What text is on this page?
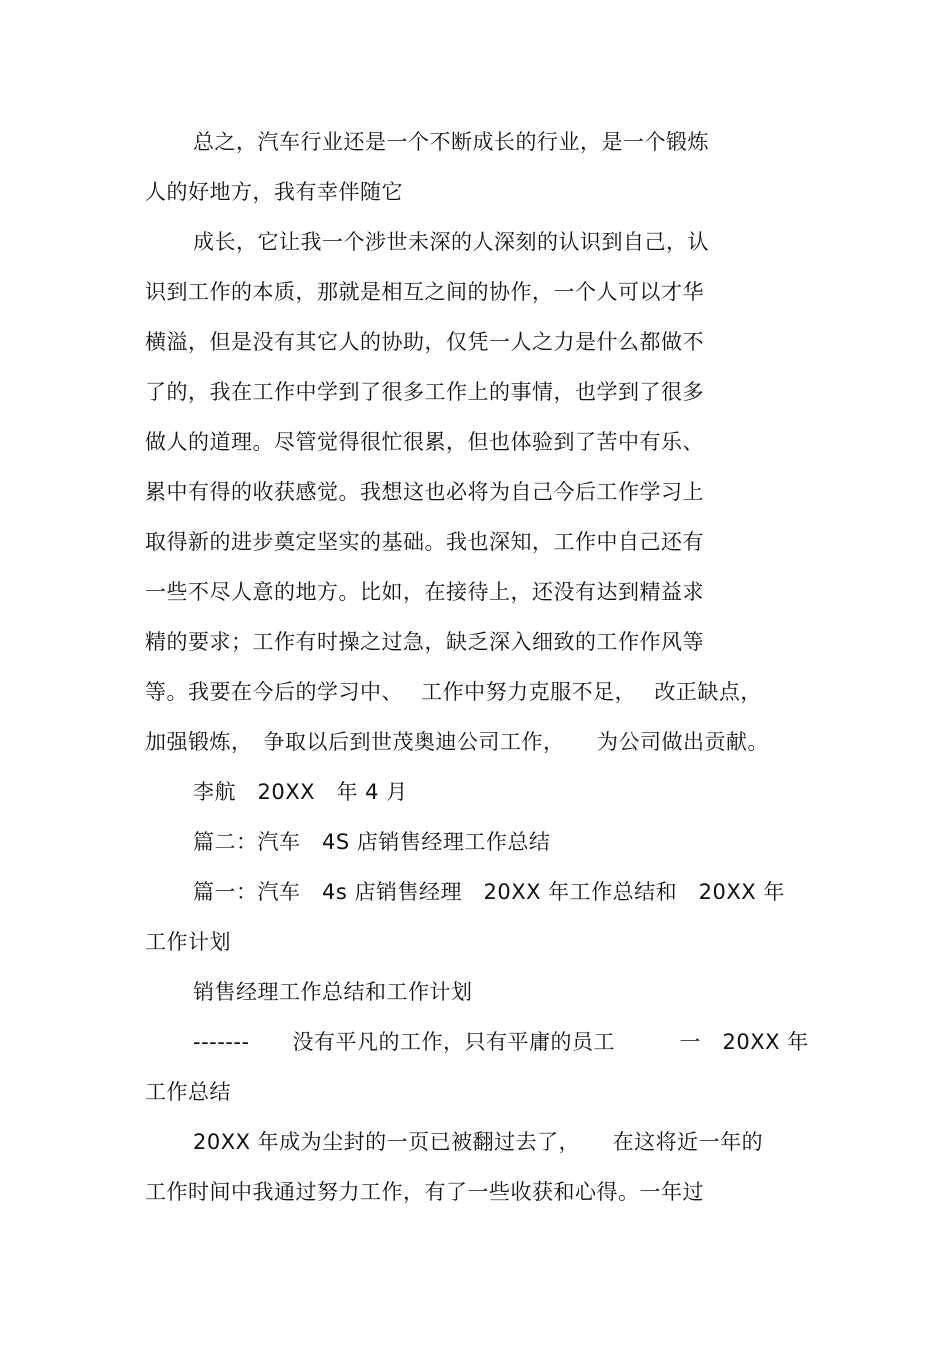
总之，汽车行业还是一个不断成长的行业，是一个锻炼
人的好地方，我有幸伴随它
成长，它让我一个涉世未深的人深刻的认识到自己，认
识到工作的本质，那就是相互之间的协作，一个人可以才华
横溢，但是没有其它人的协助，仅凭一人之力是什么都做不
了的，我在工作中学到了很多工作上的事情，也学到了很多
做人的道理。尽管觉得很忙很累，但也体验到了苦中有乐、
累中有得的收获感觉。我想这也必将为自己今后工作学习上
取得新的进步奠定坚实的基础。我也深知，工作中自己还有
一些不尽人意的地方。比如，在接待上，还没有达到精益求
精的要求；工作有时操之过急，缺乏深入细致的工作作风等
等。我要在今后的学习中、　 工作中努力克服不足，　 改正缺点，
加强锻炼，　争取以后到世茂奥迪公司工作，　　为公司做出贡献。
李航　20XX　年 4 月
篇二：汽车　4S 店销售经理工作总结
篇一：汽车　4s 店销售经理　20XX 年工作总结和　20XX 年
工作计划
销售经理工作总结和工作计划
-------　　没有平凡的工作，只有平庸的员工　　　一　20XX 年
工作总结
20XX 年成为尘封的一页已被翻过去了，　　在这将近一年的
工作时间中我通过努力工作，有了一些收获和心得。一年过
